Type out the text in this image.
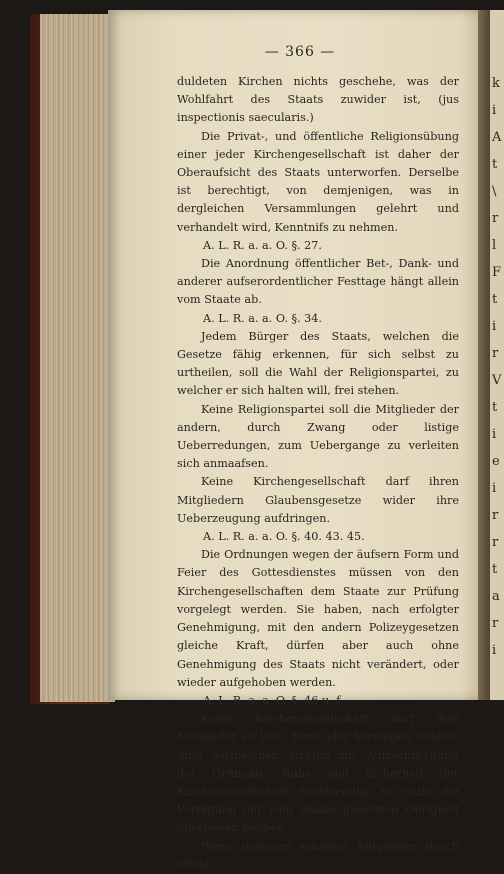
k
i
A
t
\
r
l
F
t
i
r
V
t
i
e
i
r
r
t
a
r
i
— 366 —

duldeten Kirchen nichts geschehe, was der Wohlfahrt des Staats zuwider ist, (jus inspectionis saecularis.)

Die Privat-, und öffentliche Religionsübung einer jeder Kirchengesellschaft ist daher der Oberaufsicht des Staats unterworfen. Derselbe ist berechtigt, von demjenigen, was in dergleichen Versammlungen gelehrt und verhandelt wird, Kenntnifs zu nehmen.

A. L. R. a. a. O. §. 27.

Die Anordnung öffentlicher Bet-, Dank- und anderer aufserordentlicher Festtage hängt allein vom Staate ab.

A. L. R. a. a. O. §. 34.

Jedem Bürger des Staats, welchen die Gesetze fähig erkennen, für sich selbst zu urtheilen, soll die Wahl der Religionspartei, zu welcher er sich halten will, frei stehen.

Keine Religionspartei soll die Mitglieder der andern, durch Zwang oder listige Ueberredungen, zum Uebergange zu verleiten sich anmaafsen.

Keine Kirchengesellschaft darf ihren Mitgliedern Glaubensgesetze wider ihre Ueberzeugung aufdringen.

A. L. R. a. a. O. §. 40. 43. 45.

Die Ordnungen wegen der äufsern Form und Feier des Gottesdienstes müssen von den Kirchengesellschaften dem Staate zur Prüfung vorgelegt werden. Sie haben, nach erfolgter Genehmigung, mit den andern Polizeygesetzen gleiche Kraft, dürfen aber auch ohne Genehmigung des Staats nicht verändert, oder wieder aufgehoben werden.

A. L. R. a. a. O. §. 46 u. f.

Keine Kirchengesellschaft darf ihre Mitglieder an Leib, Ehre oder Vermögen strafen. Sind dergleichen Strafen zur Aufrechthaltung der Ordnung, Ruhe und Sicherheit der Kirchengesellschaft nothwendig, so mufs die Verfügung der vom Staate gesetzten Obrigkeit überlassen bleiben.

Wenn indessen einzelne Mitglieder durch öffent-
